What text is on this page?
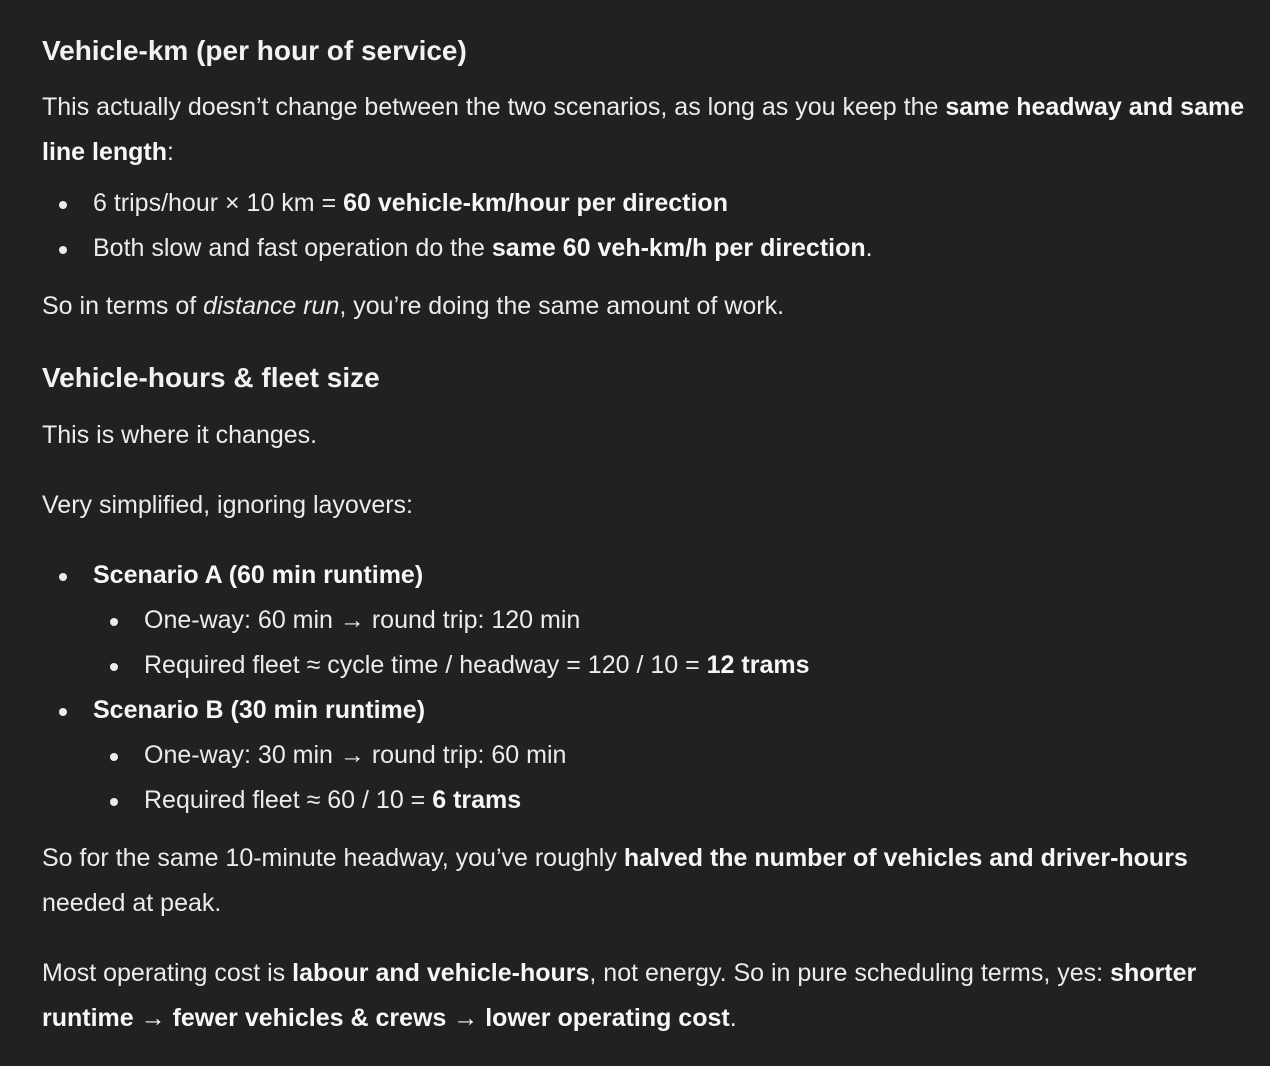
Vehicle-km (per hour of service)

This actually doesn’t change between the two scenarios, as long as you keep the same headway and same line length:

6 trips/hour × 10 km = 60 vehicle-km/hour per direction
Both slow and fast operation do the same 60 veh-km/h per direction.

So in terms of distance run, you’re doing the same amount of work.

Vehicle-hours & fleet size

This is where it changes.

Very simplified, ignoring layovers:

Scenario A (60 min runtime)
One-way: 60 min → round trip: 120 min
Required fleet ≈ cycle time / headway = 120 / 10 = 12 trams
Scenario B (30 min runtime)
One-way: 30 min → round trip: 60 min
Required fleet ≈ 60 / 10 = 6 trams

So for the same 10-minute headway, you’ve roughly halved the number of vehicles and driver-hours needed at peak.

Most operating cost is labour and vehicle-hours, not energy. So in pure scheduling terms, yes: shorter runtime → fewer vehicles & crews → lower operating cost.
